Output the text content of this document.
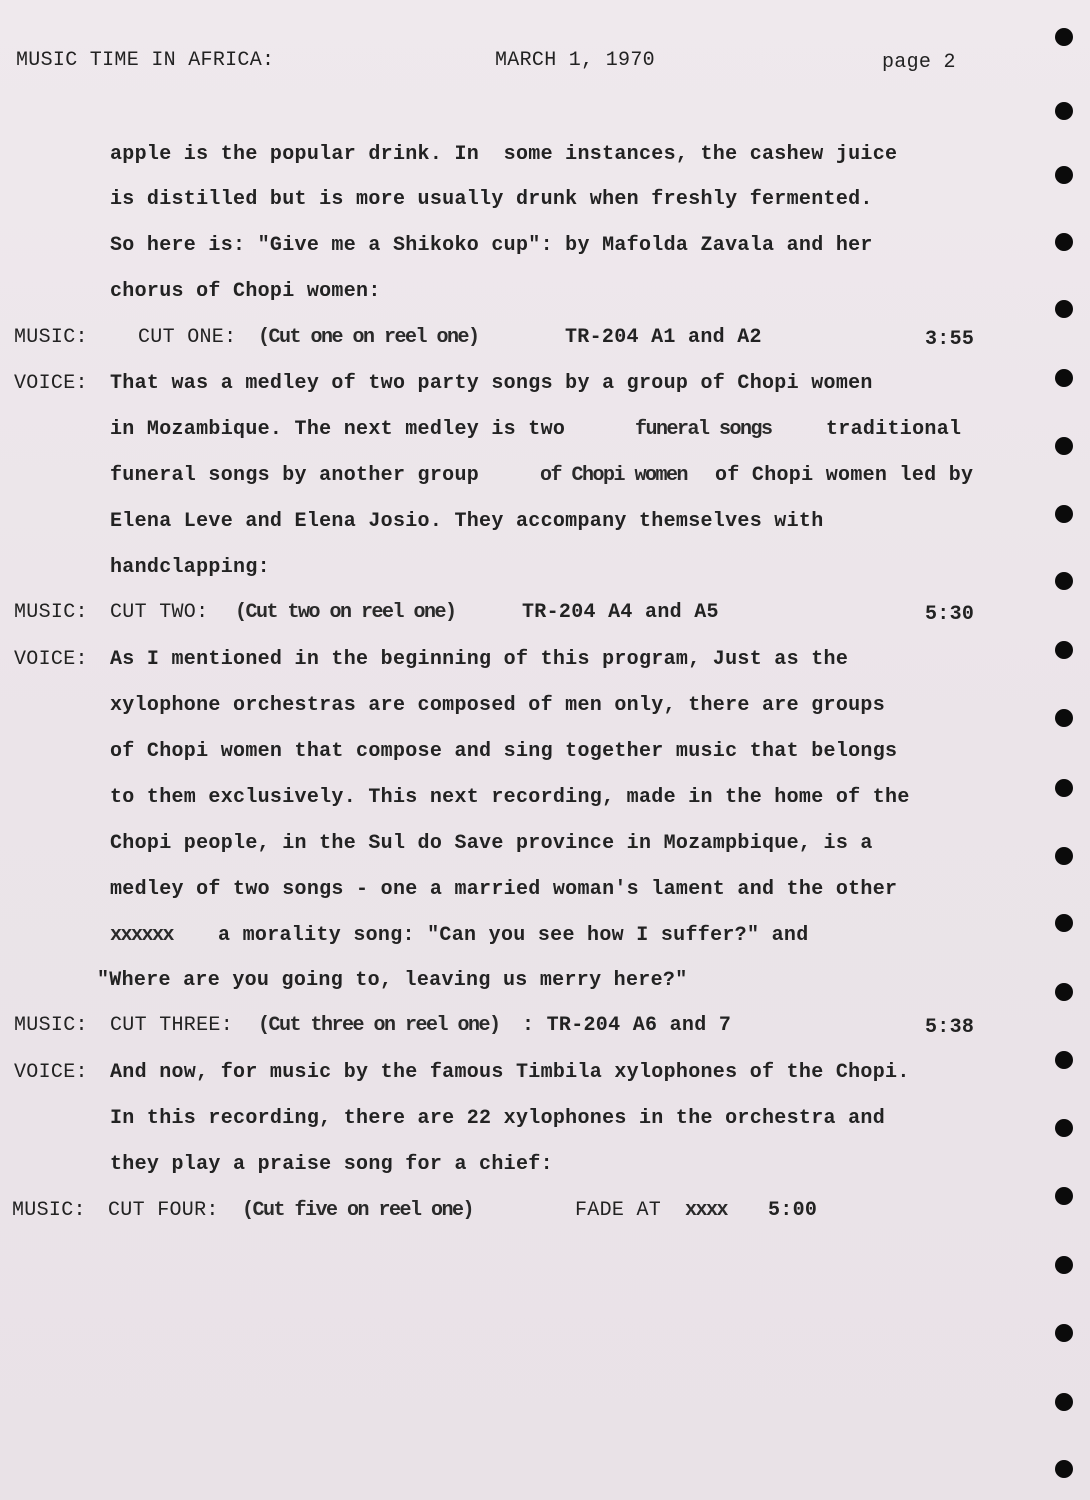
MUSIC TIME IN AFRICA:	MARCH 1, 1970	page 2
apple is the popular drink. In  some instances, the cashew juice
is distilled but is more usually drunk when freshly fermented.
So here is: "Give me a Shikoko cup": by Mafolda Zavala and her
chorus of Chopi women:
MUSIC:	CUT ONE: (Cut one on reel one)	TR-204 A1 and A2	3:55
VOICE: That was a medley of two party songs by a group of Chopi women
in Mozambique. The next medley is two	funeral songs	traditional
funeral songs by another group	of Chopi women of Chopi women led by
Elena Leve and Elena Josio. They accompany themselves with
handclapping:
MUSIC: CUT TWO: (Cut two on reel one)	TR-204 A4 and A5	5:30
VOICE: As I mentioned in the beginning of this program, Just as the
xylophone orchestras are composed of men only, there are groups
of Chopi women that compose and sing together music that belongs
to them exclusively. This next recording, made in the home of the
Chopi people, in the Sul do Save province in Mozampbique, is a
medley of two songs - one a married woman's lament and the other
xxxxxx a morality song: "Can you see how I suffer?" and
"Where are you going to, leaving us merry here?"
MUSIC: CUT THREE: (Cut three on reel one) : TR-204 A6 and 7	5:38
VOICE: And now, for music by the famous Timbila xylophones of the Chopi.
In this recording, there are 22 xylophones in the orchestra and
they play a praise song for a chief:
MUSIC: CUT FOUR: (Cut five on reel one)	FADE AT xxxx 5:00
